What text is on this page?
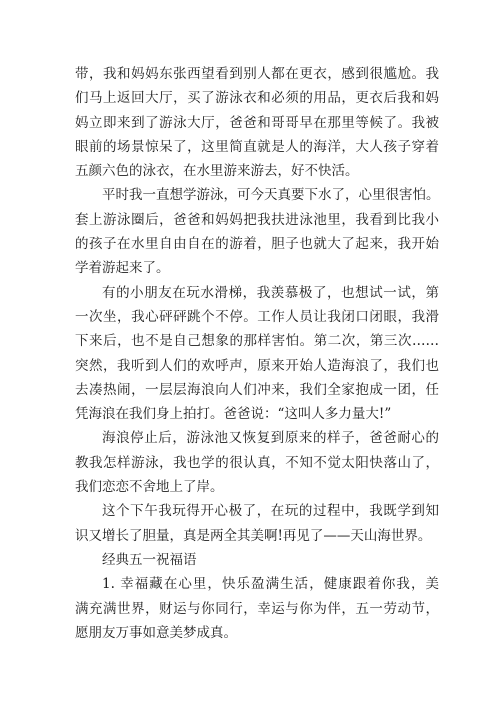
带，我和妈妈东张西望看到别人都在更衣，感到很尴尬。我
们马上返回大厅，买了游泳衣和必须的用品，更衣后我和妈
妈立即来到了游泳大厅，爸爸和哥哥早在那里等候了。我被
眼前的场景惊呆了，这里简直就是人的海洋，大人孩子穿着
五颜六色的泳衣，在水里游来游去，好不快活。
平时我一直想学游泳，可今天真要下水了，心里很害怕。
套上游泳圈后，爸爸和妈妈把我扶进泳池里，我看到比我小
的孩子在水里自由自在的游着，胆子也就大了起来，我开始
学着游起来了。
有的小朋友在玩水滑梯，我羡慕极了，也想试一试，第
一次坐，我心砰砰跳个不停。工作人员让我闭口闭眼，我滑
下来后，也不是自己想象的那样害怕。第二次，第三次……
突然，我听到人们的欢呼声，原来开始人造海浪了，我们也
去凑热闹，一层层海浪向人们冲来，我们全家抱成一团，任
凭海浪在我们身上拍打。爸爸说：“这叫人多力量大!”
海浪停止后，游泳池又恢复到原来的样子，爸爸耐心的
教我怎样游泳，我也学的很认真，不知不觉太阳快落山了，
我们恋恋不舍地上了岸。
这个下午我玩得开心极了，在玩的过程中，我既学到知
识又增长了胆量，真是两全其美啊!再见了——天山海世界。
经典五一祝福语
1. 幸福藏在心里，快乐盈满生活，健康跟着你我，美
满充满世界，财运与你同行，幸运与你为伴，五一劳动节，
愿朋友万事如意美梦成真。
